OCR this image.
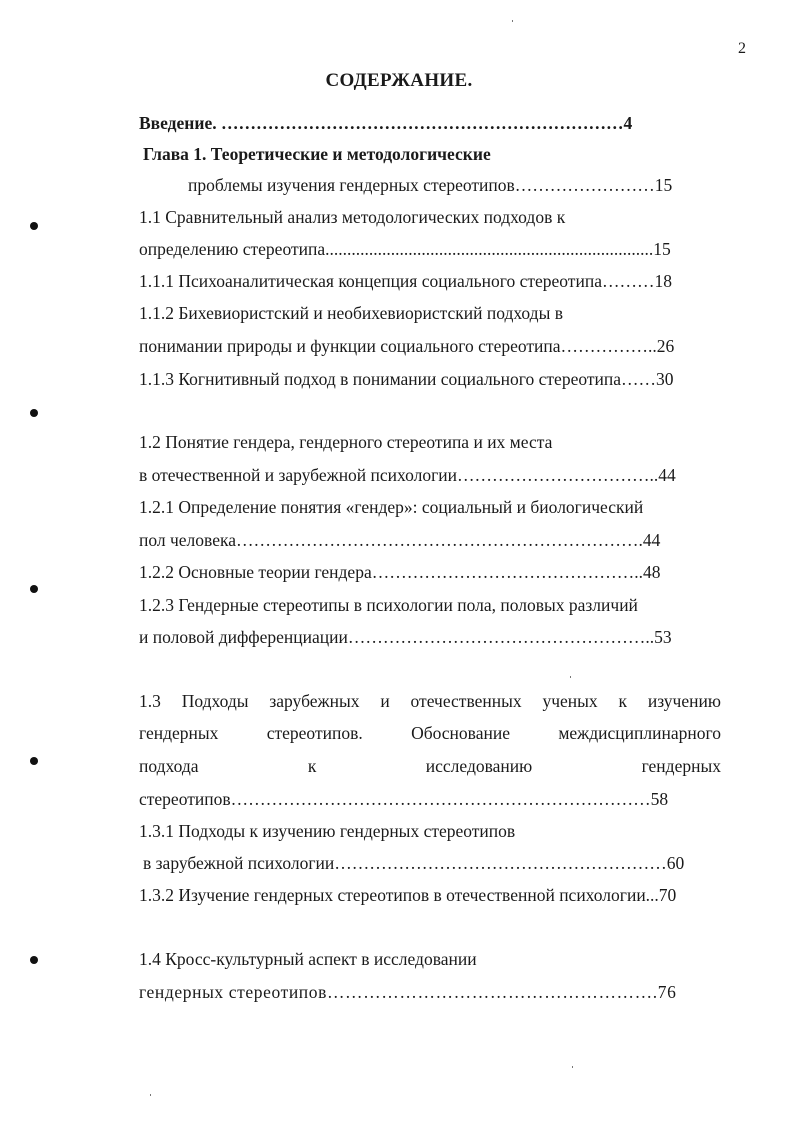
2
СОДЕРЖАНИЕ.
Введение. ……………………………………………………………4
Глава 1. Теоретические и методологические
проблемы изучения гендерных стереотипов……………………15
1.1 Сравнительный анализ методологических подходов к
определению стереотипа...........................................................................15
1.1.1 Психоаналитическая концепция социального стереотипа………18
1.1.2 Бихевиористский и необихевиористский подходы в
понимании природы и функции социального стереотипа……………..26
1.1.3 Когнитивный подход в понимании социального стереотипа……30
1.2 Понятие гендера, гендерного стереотипа и их места
в отечественной и зарубежной психологии……………………………..44
1.2.1 Определение понятия «гендер»: социальный и биологический
пол человека…………………………………………………………….44
1.2.2 Основные теории гендера………………………………………..48
1.2.3 Гендерные стереотипы в психологии пола, половых различий
и половой дифференциации……………………………………………..53
1.3 Подходы зарубежных и отечественных ученых к изучению
гендерных	стереотипов.	Обоснование	междисциплинарного
подхода	к	исследованию	гендерных
стереотипов………………………………………………………………58
1.3.1 Подходы к изучению гендерных стереотипов
в зарубежной психологии…………………………………………………60
1.3.2 Изучение гендерных стереотипов в отечественной психологии...70
1.4 Кросс-культурный аспект в исследовании
гендерных стереотипов……………………………………………….76
